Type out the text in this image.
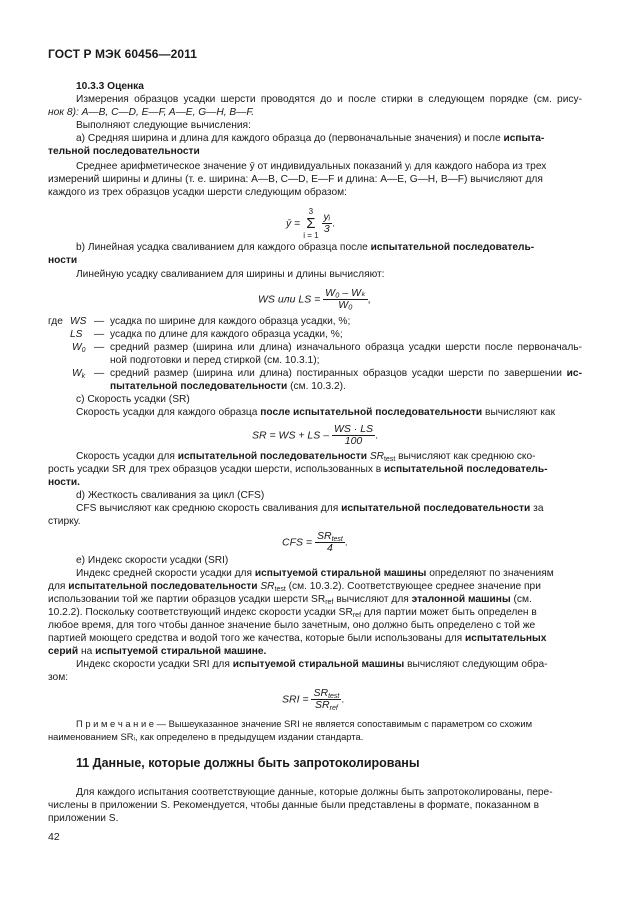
ГОСТ Р МЭК 60456—2011
10.3.3 Оценка
Измерения образцов усадки шерсти проводятся до и после стирки в следующем порядке (см. рису-
нок 8): A—B, C—D, E—F, A—E, G—H, B—F.
Выполняют следующие вычисления:
а) Средняя ширина и длина для каждого образца до (первоначальные значения) и после испыта-
тельной последовательности
Среднее арифметическое значение ȳ от индивидуальных показаний yᵢ для каждого набора из трех
измерений ширины и длины (т. е. ширина: A—B, C—D, E—F и длина: A—E, G—H, B—F) вычисляют для
каждого из трех образцов усадки шерсти следующим образом:
ȳ =
3
Σ
i = 1

$\frac{\text{yᵢ}}{3}$ .
b) Линейная усадка сваливанием для каждого образца после испытательной последователь-
ности
Линейную усадку сваливанием для ширины и длины вычисляют:
WS или LS = $\frac{\text{W₀ – Wₖ}}{\text{W₀}}$ ,
где WS — усадка по ширине для каждого образца усадки, %;
LS — усадка по длине для каждого образца усадки, %;
$W_0$ — средний размер (ширина или длина) изначального образца усадки шерсти после первоначаль-
ной подготовки и перед стиркой (см. 10.3.1);
$W_k$ — средний размер (ширина или длина) постиранных образцов усадки шерсти по завершении ис-
пытательной последовательности (см. 10.3.2).
c) Скорость усадки (SR)
Скорость усадки для каждого образца после испытательной последовательности вычисляют как
SR = WS + LS – $\frac{WS \cdot LS}{100}$ .
Скорость усадки для испытательной последовательности $SR_{test}$ вычисляют как среднюю ско-
рость усадки SR для трех образцов усадки шерсти, использованных в испытательной последователь-
ности.
d) Жесткость сваливания за цикл (CFS)
CFS вычисляют как среднюю скорость сваливания для испытательной последовательности за
стирку.
CFS = $\frac{SR_{test}}{4}$ .
e) Индекс скорости усадки (SRI)
Индекс средней скорости усадки для испытуемой стиральной машины определяют по значениям
для испытательной последовательности $SR_{test}$ (см. 10.3.2). Соответствующее среднее значение при
использовании той же партии образцов усадки шерсти $SR_{ref}$ вычисляют для эталонной машины (см.
10.2.2). Поскольку соответствующий индекс скорости усадки $SR_{ref}$ для партии может быть определен в
любое время, для того чтобы данное значение было зачетным, оно должно быть определено с той же
партией моющего средства и водой того же качества, которые были использованы для испытательных
серий на испытуемой стиральной машине.
Индекс скорости усадки SRI для испытуемой стиральной машины вычисляют следующим обра-
зом:
SRI = $\frac{SR_{test}}{SR_{ref}}$ .
П р и м е ч а н и е — Вышеуказанное значение SRI не является сопоставимым с параметром со схожим
наименованием SRᵢ, как определено в предыдущем издании стандарта.
11 Данные, которые должны быть запротоколированы
Для каждого испытания соответствующие данные, которые должны быть запротоколированы, пере-
числены в приложении S. Рекомендуется, чтобы данные были представлены в формате, показанном в
приложении S.
42
